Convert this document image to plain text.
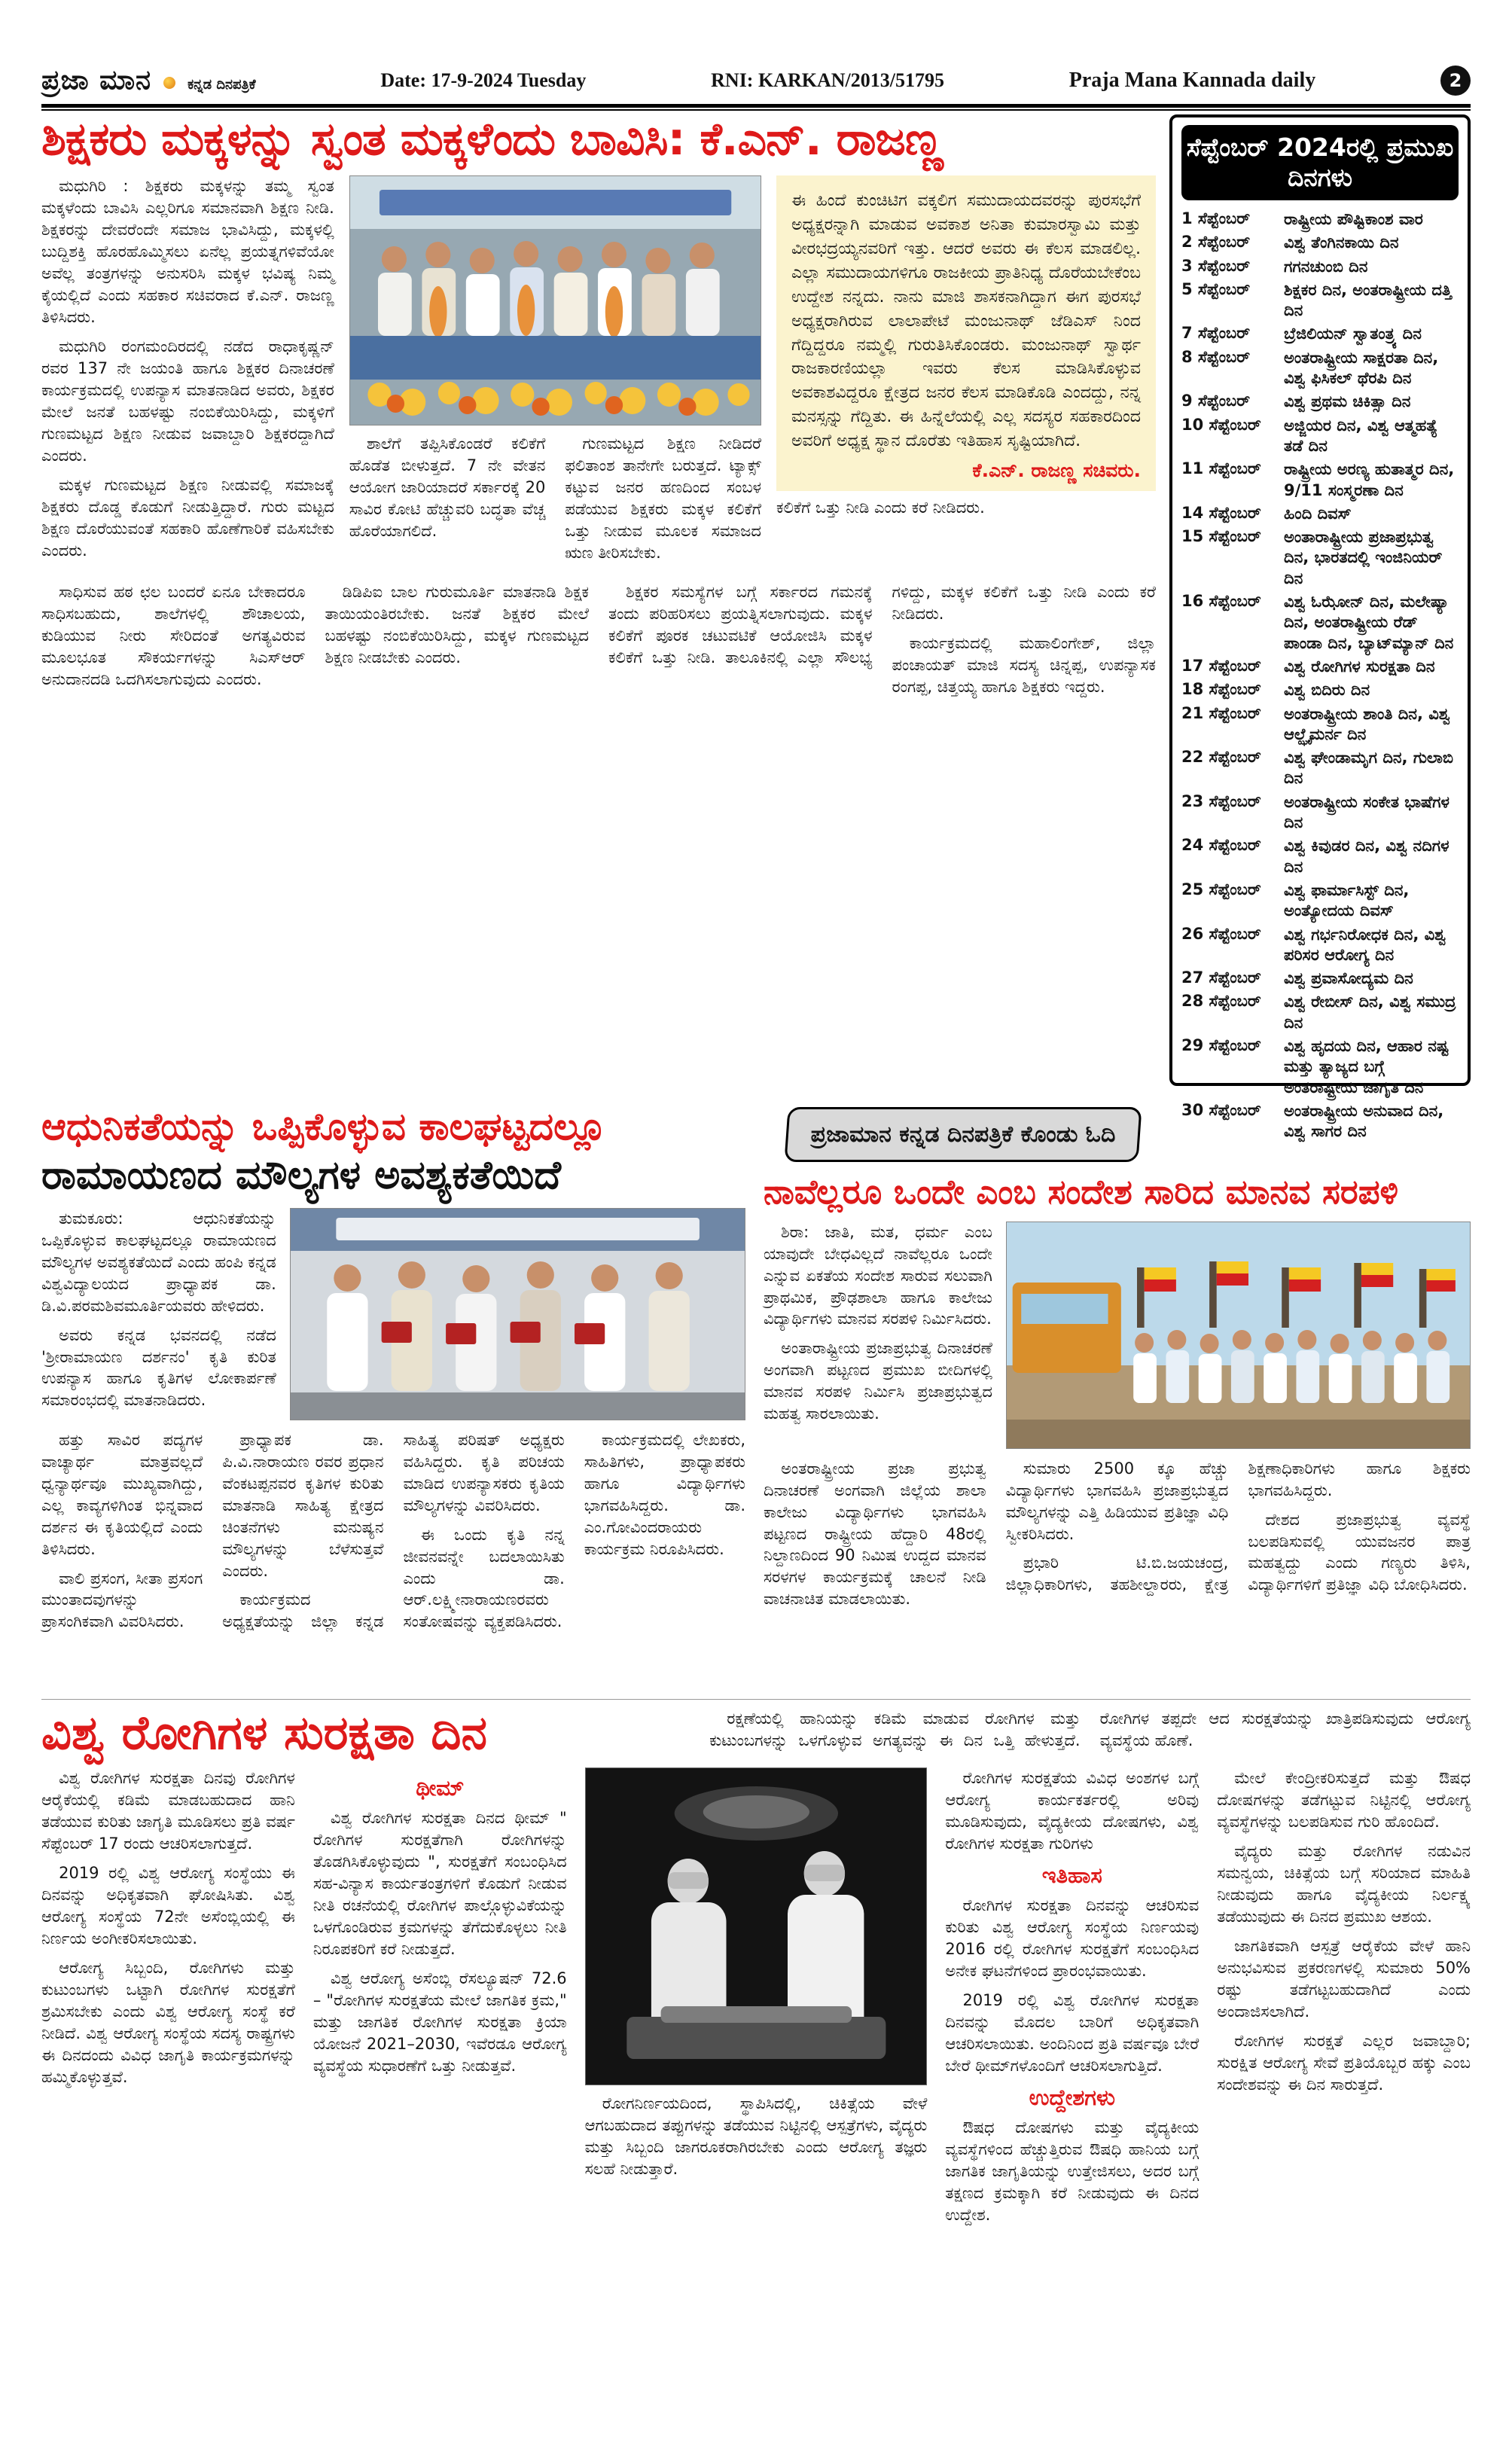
ಪ್ರಜಾ ಮಾನ	ಕನ್ನಡ ದಿನಪತ್ರಿಕೆ	Date: 17-9-2024 Tuesday	RNI: KARKAN/2013/51795	Praja Mana Kannada daily	2
ಶಿಕ್ಷಕರು ಮಕ್ಕಳನ್ನು ಸ್ವಂತ ಮಕ್ಕಳೆಂದು ಬಾವಿಸಿ: ಕೆ.ಎನ್. ರಾಜಣ್ಣ

ಮಧುಗಿರಿ : ಶಿಕ್ಷಕರು ಮಕ್ಕಳನ್ನು ತಮ್ಮ ಸ್ವಂತ ಮಕ್ಕಳೆಂದು ಬಾವಿಸಿ ಎಲ್ಲರಿಗೂ ಸಮಾನವಾಗಿ ಶಿಕ್ಷಣ ನೀಡಿ. ಶಿಕ್ಷಕರನ್ನು ದೇವರೆಂದೇ ಸಮಾಜ ಭಾವಿಸಿದ್ದು, ಮಕ್ಕಳಲ್ಲಿ ಬುದ್ದಿಶಕ್ತಿ ಹೊರಹೊಮ್ಮಿಸಲು ಏನೆಲ್ಲ ಪ್ರಯತ್ನಗಳಿವೆಯೋ ಅವೆಲ್ಲ ತಂತ್ರಗಳನ್ನು ಅನುಸರಿಸಿ ಮಕ್ಕಳ ಭವಿಷ್ಯ ನಿಮ್ಮ ಕೈಯಲ್ಲಿದೆ ಎಂದು ಸಹಕಾರ ಸಚಿವರಾದ ಕೆ.ಎನ್. ರಾಜಣ್ಣ ತಿಳಿಸಿದರು.

ಮಧುಗಿರಿ ರಂಗಮಂದಿರದಲ್ಲಿ ನಡೆದ ರಾಧಾಕೃಷ್ಣನ್ ರವರ 137 ನೇ ಜಯಂತಿ ಹಾಗೂ ಶಿಕ್ಷಕರ ದಿನಾಚರಣೆ ಕಾರ್ಯಕ್ರಮದಲ್ಲಿ ಉಪನ್ಯಾಸ ಮಾತನಾಡಿದ ಅವರು, ಶಿಕ್ಷಕರ ಮೇಲೆ ಜನತೆ ಬಹಳಷ್ಟು ನಂಬಿಕೆಯಿರಿಸಿದ್ದು, ಮಕ್ಕಳಿಗೆ ಗುಣಮಟ್ಟದ ಶಿಕ್ಷಣ ನೀಡುವ ಜವಾಬ್ದಾರಿ ಶಿಕ್ಷಕರದ್ದಾಗಿದೆ ಎಂದರು.

ಮಕ್ಕಳ ಗುಣಮಟ್ಟದ ಶಿಕ್ಷಣ ನೀಡುವಲ್ಲಿ ಸಮಾಜಕ್ಕೆ ಶಿಕ್ಷಕರು ದೊಡ್ಡ ಕೊಡುಗೆ ನೀಡುತ್ತಿದ್ದಾರೆ. ಗುರು ಮಟ್ಟದ ಶಿಕ್ಷಣ ದೊರೆಯುವಂತೆ ಸಹಕಾರಿ ಹೊಣೆಗಾರಿಕೆ ವಹಿಸಬೇಕು ಎಂದರು.

ಶಾಲೆಗೆ ತಪ್ಪಿಸಿಕೊಂಡರೆ ಕಲಿಕೆಗೆ ಹೊಡೆತ ಬೀಳುತ್ತದೆ. 7 ನೇ ವೇತನ ಆಯೋಗ ಜಾರಿಯಾದರೆ ಸರ್ಕಾರಕ್ಕೆ 20 ಸಾವಿರ ಕೋಟಿ ಹೆಚ್ಚುವರಿ ಬದ್ಧತಾ ವೆಚ್ಚ ಹೊರೆಯಾಗಲಿದೆ.

ಗುಣಮಟ್ಟದ ಶಿಕ್ಷಣ ನೀಡಿದರೆ ಫಲಿತಾಂಶ ತಾನೇಗೇ ಬರುತ್ತದೆ. ಟ್ಯಾಕ್ಸ್ ಕಟ್ಟುವ ಜನರ ಹಣದಿಂದ ಸಂಬಳ ಪಡೆಯುವ ಶಿಕ್ಷಕರು ಮಕ್ಕಳ ಕಲಿಕೆಗೆ ಒತ್ತು ನೀಡುವ ಮೂಲಕ ಸಮಾಜದ ಋಣ ತೀರಿಸಬೇಕು.

ಈ ಹಿಂದೆ ಕುಂಚಿಟಿಗ ವಕ್ಕಲಿಗ ಸಮುದಾಯದವರನ್ನು ಪುರಸಭೆಗೆ ಅಧ್ಯಕ್ಷರನ್ನಾಗಿ ಮಾಡುವ ಅವಕಾಶ ಅನಿತಾ ಕುಮಾರಸ್ವಾಮಿ ಮತ್ತು ವೀರಭದ್ರಯ್ಯನವರಿಗೆ ಇತ್ತು. ಆದರೆ ಅವರು ಈ ಕೆಲಸ ಮಾಡಲಿಲ್ಲ. ಎಲ್ಲಾ ಸಮುದಾಯಗಳಿಗೂ ರಾಜಕೀಯ ಪ್ರಾತಿನಿಧ್ಯ ದೊರೆಯಬೇಕೆಂಬ ಉದ್ದೇಶ ನನ್ನದು. ನಾನು ಮಾಜಿ ಶಾಸಕನಾಗಿದ್ದಾಗ ಈಗ ಪುರಸಭೆ ಅಧ್ಯಕ್ಷರಾಗಿರುವ ಲಾಲಾಪೇಟೆ ಮಂಜುನಾಥ್ ಜೆಡಿಎಸ್ ನಿಂದ ಗೆದ್ದಿದ್ದರೂ ನಮ್ಮಲ್ಲಿ ಗುರುತಿಸಿಕೊಂಡರು. ಮಂಜುನಾಥ್ ಸ್ವಾರ್ಥ ರಾಜಕಾರಣಿಯಲ್ಲಾ ಇವರು ಕೆಲಸ ಮಾಡಿಸಿಕೊಳ್ಳುವ ಅವಕಾಶವಿದ್ದರೂ ಕ್ಷೇತ್ರದ ಜನರ ಕೆಲಸ ಮಾಡಿಕೊಡಿ ಎಂದದ್ದು, ನನ್ನ ಮನಸ್ಸನ್ನು ಗೆದ್ದಿತು. ಈ ಹಿನ್ನೆಲೆಯಲ್ಲಿ ಎಲ್ಲ ಸದಸ್ಯರ ಸಹಕಾರದಿಂದ ಅವರಿಗೆ ಅಧ್ಯಕ್ಷ ಸ್ಥಾನ ದೊರೆತು ಇತಿಹಾಸ ಸೃಷ್ಟಿಯಾಗಿದೆ.

ಕೆ.ಎನ್. ರಾಜಣ್ಣ ಸಚಿವರು.

ಕಲಿಕೆಗೆ ಒತ್ತು ನೀಡಿ ಎಂದು ಕರೆ ನೀಡಿದರು.

ಸಾಧಿಸುವ ಹಠ ಛಲ ಬಂದರೆ ಏನೂ ಬೇಕಾದರೂ ಸಾಧಿಸಬಹುದು, ಶಾಲೆಗಳಲ್ಲಿ ಶೌಚಾಲಯ, ಕುಡಿಯುವ ನೀರು ಸೇರಿದಂತೆ ಅಗತ್ಯವಿರುವ ಮೂಲಭೂತ ಸೌಕರ್ಯಗಳನ್ನು ಸಿಎಸ್‌ಆರ್ ಅನುದಾನದಡಿ ಒದಗಿಸಲಾಗುವುದು ಎಂದರು.

ಡಿಡಿಪಿಐ ಬಾಲ ಗುರುಮೂರ್ತಿ ಮಾತನಾಡಿ ಶಿಕ್ಷಕ ತಾಯಿಯಂತಿರಬೇಕು. ಜನತೆ ಶಿಕ್ಷಕರ ಮೇಲೆ ಬಹಳಷ್ಟು ನಂಬಿಕೆಯಿರಿಸಿದ್ದು, ಮಕ್ಕಳ ಗುಣಮಟ್ಟದ ಶಿಕ್ಷಣ ನೀಡಬೇಕು ಎಂದರು.

ಶಿಕ್ಷಕರ ಸಮಸ್ಯೆಗಳ ಬಗ್ಗೆ ಸರ್ಕಾರದ ಗಮನಕ್ಕೆ ತಂದು ಪರಿಹರಿಸಲು ಪ್ರಯತ್ನಿಸಲಾಗುವುದು. ಮಕ್ಕಳ ಕಲಿಕೆಗೆ ಪೂರಕ ಚಟುವಟಿಕೆ ಆಯೋಜಿಸಿ ಮಕ್ಕಳ ಕಲಿಕೆಗೆ ಒತ್ತು ನೀಡಿ. ತಾಲೂಕಿನಲ್ಲಿ ಎಲ್ಲಾ ಸೌಲಭ್ಯ ಗಳಿದ್ದು, ಮಕ್ಕಳ ಕಲಿಕೆಗೆ ಒತ್ತು ನೀಡಿ ಎಂದು ಕರೆ ನೀಡಿದರು.

ಕಾರ್ಯಕ್ರಮದಲ್ಲಿ ಮಹಾಲಿಂಗೇಶ್, ಜಿಲ್ಲಾ ಪಂಚಾಯತ್ ಮಾಜಿ ಸದಸ್ಯ ಚಿನ್ನಪ್ಪ, ಉಪನ್ಯಾಸಕ ರಂಗಪ್ಪ, ಚಿತ್ತಯ್ಯ ಹಾಗೂ ಶಿಕ್ಷಕರು ಇದ್ದರು.

ಸೆಪ್ಟೆಂಬರ್ 2024ರಲ್ಲಿ ಪ್ರಮುಖ ದಿನಗಳು
1 ಸೆಪ್ಟೆಂಬರ್	ರಾಷ್ಟ್ರೀಯ ಪೌಷ್ಟಿಕಾಂಶ ವಾರ
2 ಸೆಪ್ಟೆಂಬರ್	ವಿಶ್ವ ತೆಂಗಿನಕಾಯಿ ದಿನ
3 ಸೆಪ್ಟೆಂಬರ್	ಗಗನಚುಂಬಿ ದಿನ
5 ಸೆಪ್ಟೆಂಬರ್	ಶಿಕ್ಷಕರ ದಿನ, ಅಂತರಾಷ್ಟ್ರೀಯ ದತ್ತಿ ದಿನ
7 ಸೆಪ್ಟೆಂಬರ್	ಬ್ರೆಜಿಲಿಯನ್ ಸ್ವಾತಂತ್ರ್ಯ ದಿನ
8 ಸೆಪ್ಟೆಂಬರ್	ಅಂತರಾಷ್ಟ್ರೀಯ ಸಾಕ್ಷರತಾ ದಿನ, ವಿಶ್ವ ಫಿಸಿಕಲ್ ಥೆರಪಿ ದಿನ
9 ಸೆಪ್ಟೆಂಬರ್	ವಿಶ್ವ ಪ್ರಥಮ ಚಿಕಿತ್ಸಾ ದಿನ
10 ಸೆಪ್ಟೆಂಬರ್	ಅಜ್ಜಿಯರ ದಿನ, ವಿಶ್ವ ಆತ್ಮಹತ್ಯೆ ತಡೆ ದಿನ
11 ಸೆಪ್ಟೆಂಬರ್	ರಾಷ್ಟ್ರೀಯ ಅರಣ್ಯ ಹುತಾತ್ಮರ ದಿನ, 9/11 ಸಂಸ್ಮರಣಾ ದಿನ
14 ಸೆಪ್ಟೆಂಬರ್	ಹಿಂದಿ ದಿವಸ್
15 ಸೆಪ್ಟೆಂಬರ್	ಅಂತಾರಾಷ್ಟ್ರೀಯ ಪ್ರಜಾಪ್ರಭುತ್ವ ದಿನ, ಭಾರತದಲ್ಲಿ ಇಂಜಿನಿಯರ್ ದಿನ
16 ಸೆಪ್ಟೆಂಬರ್	ವಿಶ್ವ ಓಝೋನ್ ದಿನ, ಮಲೇಷ್ಯಾ ದಿನ, ಅಂತರಾಷ್ಟ್ರೀಯ ರೆಡ್ ಪಾಂಡಾ ದಿನ, ಬ್ಯಾಟ್‌ಮ್ಯಾನ್ ದಿನ
17 ಸೆಪ್ಟೆಂಬರ್	ವಿಶ್ವ ರೋಗಿಗಳ ಸುರಕ್ಷತಾ ದಿನ
18 ಸೆಪ್ಟೆಂಬರ್	ವಿಶ್ವ ಬಿದಿರು ದಿನ
21 ಸೆಪ್ಟೆಂಬರ್	ಅಂತರಾಷ್ಟ್ರೀಯ ಶಾಂತಿ ದಿನ, ವಿಶ್ವ ಆಲ್ಝೈಮರ್ನ ದಿನ
22 ಸೆಪ್ಟೆಂಬರ್	ವಿಶ್ವ ಘೇಂಡಾಮೃಗ ದಿನ, ಗುಲಾಬಿ ದಿನ
23 ಸೆಪ್ಟೆಂಬರ್	ಅಂತರಾಷ್ಟ್ರೀಯ ಸಂಕೇತ ಭಾಷೆಗಳ ದಿನ
24 ಸೆಪ್ಟೆಂಬರ್	ವಿಶ್ವ ಕಿವುಡರ ದಿನ, ವಿಶ್ವ ನದಿಗಳ ದಿನ
25 ಸೆಪ್ಟೆಂಬರ್	ವಿಶ್ವ ಫಾರ್ಮಾಸಿಸ್ಟ್ ದಿನ, ಅಂತ್ಯೋದಯ ದಿವಸ್
26 ಸೆಪ್ಟೆಂಬರ್	ವಿಶ್ವ ಗರ್ಭನಿರೋಧಕ ದಿನ, ವಿಶ್ವ ಪರಿಸರ ಆರೋಗ್ಯ ದಿನ
27 ಸೆಪ್ಟೆಂಬರ್	ವಿಶ್ವ ಪ್ರವಾಸೋದ್ಯಮ ದಿನ
28 ಸೆಪ್ಟೆಂಬರ್	ವಿಶ್ವ ರೇಬೀಸ್ ದಿನ, ವಿಶ್ವ ಸಮುದ್ರ ದಿನ
29 ಸೆಪ್ಟೆಂಬರ್	ವಿಶ್ವ ಹೃದಯ ದಿನ, ಆಹಾರ ನಷ್ಟ ಮತ್ತು ತ್ಯಾಜ್ಯದ ಬಗ್ಗೆ ಅಂತರಾಷ್ಟ್ರೀಯ ಜಾಗೃತಿ ದಿನ
30 ಸೆಪ್ಟೆಂಬರ್	ಅಂತರಾಷ್ಟ್ರೀಯ ಅನುವಾದ ದಿನ, ವಿಶ್ವ ಸಾಗರ ದಿನ
ಆಧುನಿಕತೆಯನ್ನು ಒಪ್ಪಿಕೊಳ್ಳುವ ಕಾಲಘಟ್ಟದಲ್ಲೂ
ರಾಮಾಯಣದ ಮೌಲ್ಯಗಳ ಅವಶ್ಯಕತೆಯಿದೆ

ತುಮಕೂರು: ಆಧುನಿಕತೆಯನ್ನು ಒಪ್ಪಿಕೊಳ್ಳುವ ಕಾಲಘಟ್ಟದಲ್ಲೂ ರಾಮಾಯಣದ ಮೌಲ್ಯಗಳ ಅವಶ್ಯಕತೆಯಿದೆ ಎಂದು ಹಂಪಿ ಕನ್ನಡ ವಿಶ್ವವಿದ್ಯಾಲಯದ ಪ್ರಾಧ್ಯಾಪಕ ಡಾ. ಡಿ.ವಿ.ಪರಮಶಿವಮೂರ್ತಿಯವರು ಹೇಳಿದರು.

ಅವರು ಕನ್ನಡ ಭವನದಲ್ಲಿ ನಡೆದ 'ಶ್ರೀರಾಮಾಯಣ ದರ್ಶನಂ' ಕೃತಿ ಕುರಿತ ಉಪನ್ಯಾಸ ಹಾಗೂ ಕೃತಿಗಳ ಲೋಕಾರ್ಪಣೆ ಸಮಾರಂಭದಲ್ಲಿ ಮಾತನಾಡಿದರು.

ಹತ್ತು ಸಾವಿರ ಪದ್ಯಗಳ ವಾಚ್ಯಾರ್ಥ ಮಾತ್ರವಲ್ಲದೆ ಧ್ವನ್ಯಾರ್ಥವೂ ಮುಖ್ಯವಾಗಿದ್ದು, ಎಲ್ಲ ಕಾವ್ಯಗಳಿಗಿಂತ ಭಿನ್ನವಾದ ದರ್ಶನ ಈ ಕೃತಿಯಲ್ಲಿದೆ ಎಂದು ತಿಳಿಸಿದರು.

ವಾಲಿ ಪ್ರಸಂಗ, ಸೀತಾ ಪ್ರಸಂಗ ಮುಂತಾದವುಗಳನ್ನು ಪ್ರಾಸಂಗಿಕವಾಗಿ ವಿವರಿಸಿದರು.

ಪ್ರಾಧ್ಯಾಪಕ ಡಾ. ಪಿ.ವಿ.ನಾರಾಯಣ ರವರ ಪ್ರಧಾನ ವೆಂಕಟಪ್ಪನವರ ಕೃತಿಗಳ ಕುರಿತು ಮಾತನಾಡಿ ಸಾಹಿತ್ಯ ಕ್ಷೇತ್ರದ ಚಿಂತನೆಗಳು ಮನುಷ್ಯನ ಮೌಲ್ಯಗಳನ್ನು ಬೆಳೆಸುತ್ತವೆ ಎಂದರು.

ಕಾರ್ಯಕ್ರಮದ ಅಧ್ಯಕ್ಷತೆಯನ್ನು ಜಿಲ್ಲಾ ಕನ್ನಡ ಸಾಹಿತ್ಯ ಪರಿಷತ್ ಅಧ್ಯಕ್ಷರು ವಹಿಸಿದ್ದರು. ಕೃತಿ ಪರಿಚಯ ಮಾಡಿದ ಉಪನ್ಯಾಸಕರು ಕೃತಿಯ ಮೌಲ್ಯಗಳನ್ನು ವಿವರಿಸಿದರು.

ಈ ಒಂದು ಕೃತಿ ನನ್ನ ಜೀವನವನ್ನೇ ಬದಲಾಯಿಸಿತು ಎಂದು ಡಾ. ಆರ್.ಲಕ್ಷ್ಮೀನಾರಾಯಣರವರು ಸಂತೋಷವನ್ನು ವ್ಯಕ್ತಪಡಿಸಿದರು.

ಕಾರ್ಯಕ್ರಮದಲ್ಲಿ ಲೇಖಕರು, ಸಾಹಿತಿಗಳು, ಪ್ರಾಧ್ಯಾಪಕರು ಹಾಗೂ ವಿದ್ಯಾರ್ಥಿಗಳು ಭಾಗವಹಿಸಿದ್ದರು. ಡಾ. ಎಂ.ಗೋವಿಂದರಾಯರು ಕಾರ್ಯಕ್ರಮ ನಿರೂಪಿಸಿದರು.

ಪ್ರಜಾಮಾನ ಕನ್ನಡ ದಿನಪತ್ರಿಕೆ ಕೊಂಡು ಓದಿ
ನಾವೆಲ್ಲರೂ ಒಂದೇ ಎಂಬ ಸಂದೇಶ ಸಾರಿದ ಮಾನವ ಸರಪಳಿ

ಶಿರಾ: ಜಾತಿ, ಮತ, ಧರ್ಮ ಎಂಬ ಯಾವುದೇ ಬೇಧವಿಲ್ಲದೆ ನಾವೆಲ್ಲರೂ ಒಂದೇ ಎನ್ನುವ ಏಕತೆಯ ಸಂದೇಶ ಸಾರುವ ಸಲುವಾಗಿ ಪ್ರಾಥಮಿಕ, ಪ್ರೌಢಶಾಲಾ ಹಾಗೂ ಕಾಲೇಜು ವಿದ್ಯಾರ್ಥಿಗಳು ಮಾನವ ಸರಪಳಿ ನಿರ್ಮಿಸಿದರು.

ಅಂತಾರಾಷ್ಟ್ರೀಯ ಪ್ರಜಾಪ್ರಭುತ್ವ ದಿನಾಚರಣೆ ಅಂಗವಾಗಿ ಪಟ್ಟಣದ ಪ್ರಮುಖ ಬೀದಿಗಳಲ್ಲಿ ಮಾನವ ಸರಪಳಿ ನಿರ್ಮಿಸಿ ಪ್ರಜಾಪ್ರಭುತ್ವದ ಮಹತ್ವ ಸಾರಲಾಯಿತು.

ಅಂತರಾಷ್ಟ್ರೀಯ ಪ್ರಜಾ ಪ್ರಭುತ್ವ ದಿನಾಚರಣೆ ಅಂಗವಾಗಿ ಜಿಲ್ಲೆಯ ಶಾಲಾ ಕಾಲೇಜು ವಿದ್ಯಾರ್ಥಿಗಳು ಭಾಗವಹಿಸಿ ಪಟ್ಟಣದ ರಾಷ್ಟ್ರೀಯ ಹೆದ್ದಾರಿ 48ರಲ್ಲಿ ನಿಲ್ದಾಣದಿಂದ 90 ನಿಮಿಷ ಉದ್ದದ ಮಾನವ ಸರಳಗಳ ಕಾರ್ಯಕ್ರಮಕ್ಕೆ ಚಾಲನೆ ನೀಡಿ ವಾಚನಾಚಿತ ಮಾಡಲಾಯಿತು.

ಸುಮಾರು 2500 ಕ್ಕೂ ಹೆಚ್ಚು ವಿದ್ಯಾರ್ಥಿಗಳು ಭಾಗವಹಿಸಿ ಪ್ರಜಾಪ್ರಭುತ್ವದ ಮೌಲ್ಯಗಳನ್ನು ಎತ್ತಿ ಹಿಡಿಯುವ ಪ್ರತಿಜ್ಞಾ ವಿಧಿ ಸ್ವೀಕರಿಸಿದರು.

ಪ್ರಭಾರಿ ಟಿ.ಬಿ.ಜಯಚಂದ್ರ, ಜಿಲ್ಲಾಧಿಕಾರಿಗಳು, ತಹಶೀಲ್ದಾರರು, ಕ್ಷೇತ್ರ ಶಿಕ್ಷಣಾಧಿಕಾರಿಗಳು ಹಾಗೂ ಶಿಕ್ಷಕರು ಭಾಗವಹಿಸಿದ್ದರು.

ದೇಶದ ಪ್ರಜಾಪ್ರಭುತ್ವ ವ್ಯವಸ್ಥೆ ಬಲಪಡಿಸುವಲ್ಲಿ ಯುವಜನರ ಪಾತ್ರ ಮಹತ್ವದ್ದು ಎಂದು ಗಣ್ಯರು ತಿಳಿಸಿ, ವಿದ್ಯಾರ್ಥಿಗಳಿಗೆ ಪ್ರತಿಜ್ಞಾ ವಿಧಿ ಬೋಧಿಸಿದರು.

ವಿಶ್ವ ರೋಗಿಗಳ ಸುರಕ್ಷತಾ ದಿನ	ರಕ್ಷಣೆಯಲ್ಲಿ ಹಾನಿಯನ್ನು ಕಡಿಮೆ ಮಾಡುವ ರೋಗಿಗಳ ಮತ್ತು ಕುಟುಂಬಗಳನ್ನು ಒಳಗೊಳ್ಳುವ ಅಗತ್ಯವನ್ನು ಈ ದಿನ ಒತ್ತಿ ಹೇಳುತ್ತದೆ. ರೋಗಿಗಳ ತಪ್ಪದೇ ಆದ ಸುರಕ್ಷತೆಯನ್ನು ಖಾತ್ರಿಪಡಿಸುವುದು ಆರೋಗ್ಯ ವ್ಯವಸ್ಥೆಯ ಹೊಣೆ.

ವಿಶ್ವ ರೋಗಿಗಳ ಸುರಕ್ಷತಾ ದಿನವು ರೋಗಿಗಳ ಆರೈಕೆಯಲ್ಲಿ ಕಡಿಮೆ ಮಾಡಬಹುದಾದ ಹಾನಿ ತಡೆಯುವ ಕುರಿತು ಜಾಗೃತಿ ಮೂಡಿಸಲು ಪ್ರತಿ ವರ್ಷ ಸೆಪ್ಟೆಂಬರ್ 17 ರಂದು ಆಚರಿಸಲಾಗುತ್ತದೆ.

2019 ರಲ್ಲಿ ವಿಶ್ವ ಆರೋಗ್ಯ ಸಂಸ್ಥೆಯು ಈ ದಿನವನ್ನು ಅಧಿಕೃತವಾಗಿ ಘೋಷಿಸಿತು. ವಿಶ್ವ ಆರೋಗ್ಯ ಸಂಸ್ಥೆಯ 72ನೇ ಅಸೆಂಬ್ಲಿಯಲ್ಲಿ ಈ ನಿರ್ಣಯ ಅಂಗೀಕರಿಸಲಾಯಿತು.

ಆರೋಗ್ಯ ಸಿಬ್ಬಂದಿ, ರೋಗಿಗಳು ಮತ್ತು ಕುಟುಂಬಗಳು ಒಟ್ಟಾಗಿ ರೋಗಿಗಳ ಸುರಕ್ಷತೆಗೆ ಶ್ರಮಿಸಬೇಕು ಎಂದು ವಿಶ್ವ ಆರೋಗ್ಯ ಸಂಸ್ಥೆ ಕರೆ ನೀಡಿದೆ. ವಿಶ್ವ ಆರೋಗ್ಯ ಸಂಸ್ಥೆಯ ಸದಸ್ಯ ರಾಷ್ಟ್ರಗಳು ಈ ದಿನದಂದು ವಿವಿಧ ಜಾಗೃತಿ ಕಾರ್ಯಕ್ರಮಗಳನ್ನು ಹಮ್ಮಿಕೊಳ್ಳುತ್ತವೆ.

ಥೀಮ್

ವಿಶ್ವ ರೋಗಿಗಳ ಸುರಕ್ಷತಾ ದಿನದ ಥೀಮ್ " ರೋಗಿಗಳ ಸುರಕ್ಷತೆಗಾಗಿ ರೋಗಿಗಳನ್ನು ತೊಡಗಿಸಿಕೊಳ್ಳುವುದು ", ಸುರಕ್ಷತೆಗೆ ಸಂಬಂಧಿಸಿದ ಸಹ-ವಿನ್ಯಾಸ ಕಾರ್ಯತಂತ್ರಗಳಿಗೆ ಕೊಡುಗೆ ನೀಡುವ ನೀತಿ ರಚನೆಯಲ್ಲಿ ರೋಗಿಗಳ ಪಾಲ್ಗೊಳ್ಳುವಿಕೆಯನ್ನು ಒಳಗೊಂಡಿರುವ ಕ್ರಮಗಳನ್ನು ತೆಗೆದುಕೊಳ್ಳಲು ನೀತಿ ನಿರೂಪಕರಿಗೆ ಕರೆ ನೀಡುತ್ತದೆ.

ವಿಶ್ವ ಆರೋಗ್ಯ ಅಸೆಂಬ್ಲಿ ರೆಸಲ್ಯೂಷನ್ 72.6 – "ರೋಗಿಗಳ ಸುರಕ್ಷತೆಯ ಮೇಲೆ ಜಾಗತಿಕ ಕ್ರಮ," ಮತ್ತು ಜಾಗತಿಕ ರೋಗಿಗಳ ಸುರಕ್ಷತಾ ಕ್ರಿಯಾ ಯೋಜನೆ 2021–2030, ಇವೆರಡೂ ಆರೋಗ್ಯ ವ್ಯವಸ್ಥೆಯ ಸುಧಾರಣೆಗೆ ಒತ್ತು ನೀಡುತ್ತವೆ.

ರೋಗನಿರ್ಣಯದಿಂದ, ಸ್ಥಾಪಿಸಿದಲ್ಲಿ, ಚಿಕಿತ್ಸೆಯ ವೇಳೆ ಆಗಬಹುದಾದ ತಪ್ಪುಗಳನ್ನು ತಡೆಯುವ ನಿಟ್ಟಿನಲ್ಲಿ ಆಸ್ಪತ್ರೆಗಳು, ವೈದ್ಯರು ಮತ್ತು ಸಿಬ್ಬಂದಿ ಜಾಗರೂಕರಾಗಿರಬೇಕು ಎಂದು ಆರೋಗ್ಯ ತಜ್ಞರು ಸಲಹೆ ನೀಡುತ್ತಾರೆ.

ರೋಗಿಗಳ ಸುರಕ್ಷತೆಯ ವಿವಿಧ ಅಂಶಗಳ ಬಗ್ಗೆ ಆರೋಗ್ಯ ಕಾರ್ಯಕರ್ತರಲ್ಲಿ ಅರಿವು ಮೂಡಿಸುವುದು, ವೈದ್ಯಕೀಯ ದೋಷಗಳು, ವಿಶ್ವ ರೋಗಿಗಳ ಸುರಕ್ಷತಾ ಗುರಿಗಳು

ಇತಿಹಾಸ

ರೋಗಿಗಳ ಸುರಕ್ಷತಾ ದಿನವನ್ನು ಆಚರಿಸುವ ಕುರಿತು ವಿಶ್ವ ಆರೋಗ್ಯ ಸಂಸ್ಥೆಯ ನಿರ್ಣಯವು 2016 ರಲ್ಲಿ ರೋಗಿಗಳ ಸುರಕ್ಷತೆಗೆ ಸಂಬಂಧಿಸಿದ ಅನೇಕ ಘಟನೆಗಳಿಂದ ಪ್ರಾರಂಭವಾಯಿತು.

2019 ರಲ್ಲಿ ವಿಶ್ವ ರೋಗಿಗಳ ಸುರಕ್ಷತಾ ದಿನವನ್ನು ಮೊದಲ ಬಾರಿಗೆ ಅಧಿಕೃತವಾಗಿ ಆಚರಿಸಲಾಯಿತು. ಅಂದಿನಿಂದ ಪ್ರತಿ ವರ್ಷವೂ ಬೇರೆ ಬೇರೆ ಥೀಮ್‌ಗಳೊಂದಿಗೆ ಆಚರಿಸಲಾಗುತ್ತಿದೆ.

ಉದ್ದೇಶಗಳು

ಔಷಧ ದೋಷಗಳು ಮತ್ತು ವೈದ್ಯಕೀಯ ವ್ಯವಸ್ಥೆಗಳಿಂದ ಹೆಚ್ಚುತ್ತಿರುವ ಔಷಧಿ ಹಾನಿಯ ಬಗ್ಗೆ ಜಾಗತಿಕ ಜಾಗೃತಿಯನ್ನು ಉತ್ತೇಜಿಸಲು, ಅದರ ಬಗ್ಗೆ ತಕ್ಷಣದ ಕ್ರಮಕ್ಕಾಗಿ ಕರೆ ನೀಡುವುದು ಈ ದಿನದ ಉದ್ದೇಶ.

ಮೇಲೆ ಕೇಂದ್ರೀಕರಿಸುತ್ತದೆ ಮತ್ತು ಔಷಧ ದೋಷಗಳನ್ನು ತಡೆಗಟ್ಟುವ ನಿಟ್ಟಿನಲ್ಲಿ ಆರೋಗ್ಯ ವ್ಯವಸ್ಥೆಗಳನ್ನು ಬಲಪಡಿಸುವ ಗುರಿ ಹೊಂದಿದೆ.

ವೈದ್ಯರು ಮತ್ತು ರೋಗಿಗಳ ನಡುವಿನ ಸಮನ್ವಯ, ಚಿಕಿತ್ಸೆಯ ಬಗ್ಗೆ ಸರಿಯಾದ ಮಾಹಿತಿ ನೀಡುವುದು ಹಾಗೂ ವೈದ್ಯಕೀಯ ನಿರ್ಲಕ್ಷ್ಯ ತಡೆಯುವುದು ಈ ದಿನದ ಪ್ರಮುಖ ಆಶಯ.

ಜಾಗತಿಕವಾಗಿ ಆಸ್ಪತ್ರೆ ಆರೈಕೆಯ ವೇಳೆ ಹಾನಿ ಅನುಭವಿಸುವ ಪ್ರಕರಣಗಳಲ್ಲಿ ಸುಮಾರು 50% ರಷ್ಟು ತಡೆಗಟ್ಟಬಹುದಾಗಿದೆ ಎಂದು ಅಂದಾಜಿಸಲಾಗಿದೆ.

ರೋಗಿಗಳ ಸುರಕ್ಷತೆ ಎಲ್ಲರ ಜವಾಬ್ದಾರಿ; ಸುರಕ್ಷಿತ ಆರೋಗ್ಯ ಸೇವೆ ಪ್ರತಿಯೊಬ್ಬರ ಹಕ್ಕು ಎಂಬ ಸಂದೇಶವನ್ನು ಈ ದಿನ ಸಾರುತ್ತದೆ.
